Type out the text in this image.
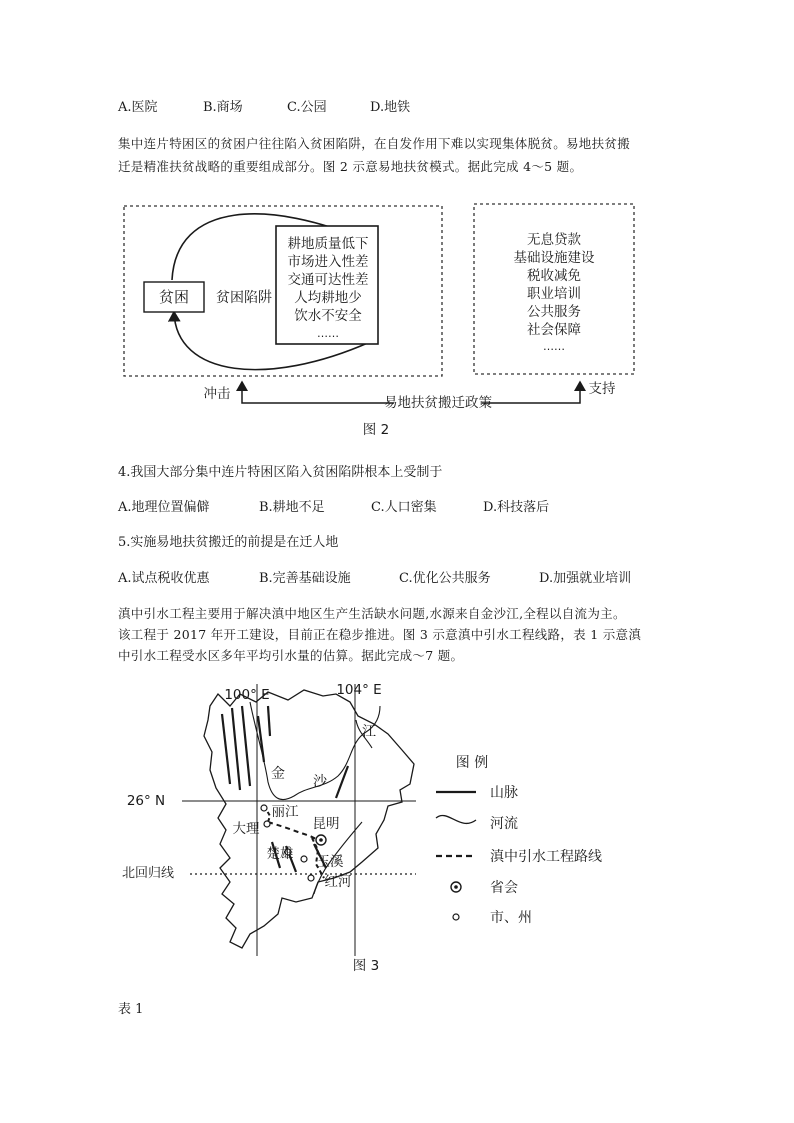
A.医院	B.商场	C.公园	D.地铁
集中连片特困区的贫困户往往陷入贫困陷阱，在自发作用下难以实现集体脱贫。易地扶贫搬
迁是精准扶贫战略的重要组成部分。图 2 示意易地扶贫模式。据此完成 4～5 题。
贫困 贫困陷阱
耕地质量低下
市场进入性差
交通可达性差
人均耕地少
饮水不安全
……
无息贷款
基础设施建设
税收减免
职业培训
公共服务
社会保障
……
冲击
易地扶贫搬迁政策
支持
图 2
4.我国大部分集中连片特困区陷入贫困陷阱根本上受制于
A.地理位置偏僻	B.耕地不足	C.人口密集	D.科技落后
5.实施易地扶贫搬迁的前提是在迁人地
A.试点税收优惠	B.完善基础设施	C.优化公共服务	D.加强就业培训
滇中引水工程主要用于解决滇中地区生产生活缺水问题,水源来自金沙江,全程以自流为主。
该工程于 2017 年开工建设，目前正在稳步推进。图 3 示意滇中引水工程线路，表 1 示意滇
中引水工程受水区多年平均引水量的估算。据此完成～7 题。
100° E	104° E
26° N
北回归线
金 沙
江
丽江
大理	昆明
楚雄 玉溪
红河
图 例
山脉
河流
滇中引水工程路线
省会
市、州
图 3
表 1
